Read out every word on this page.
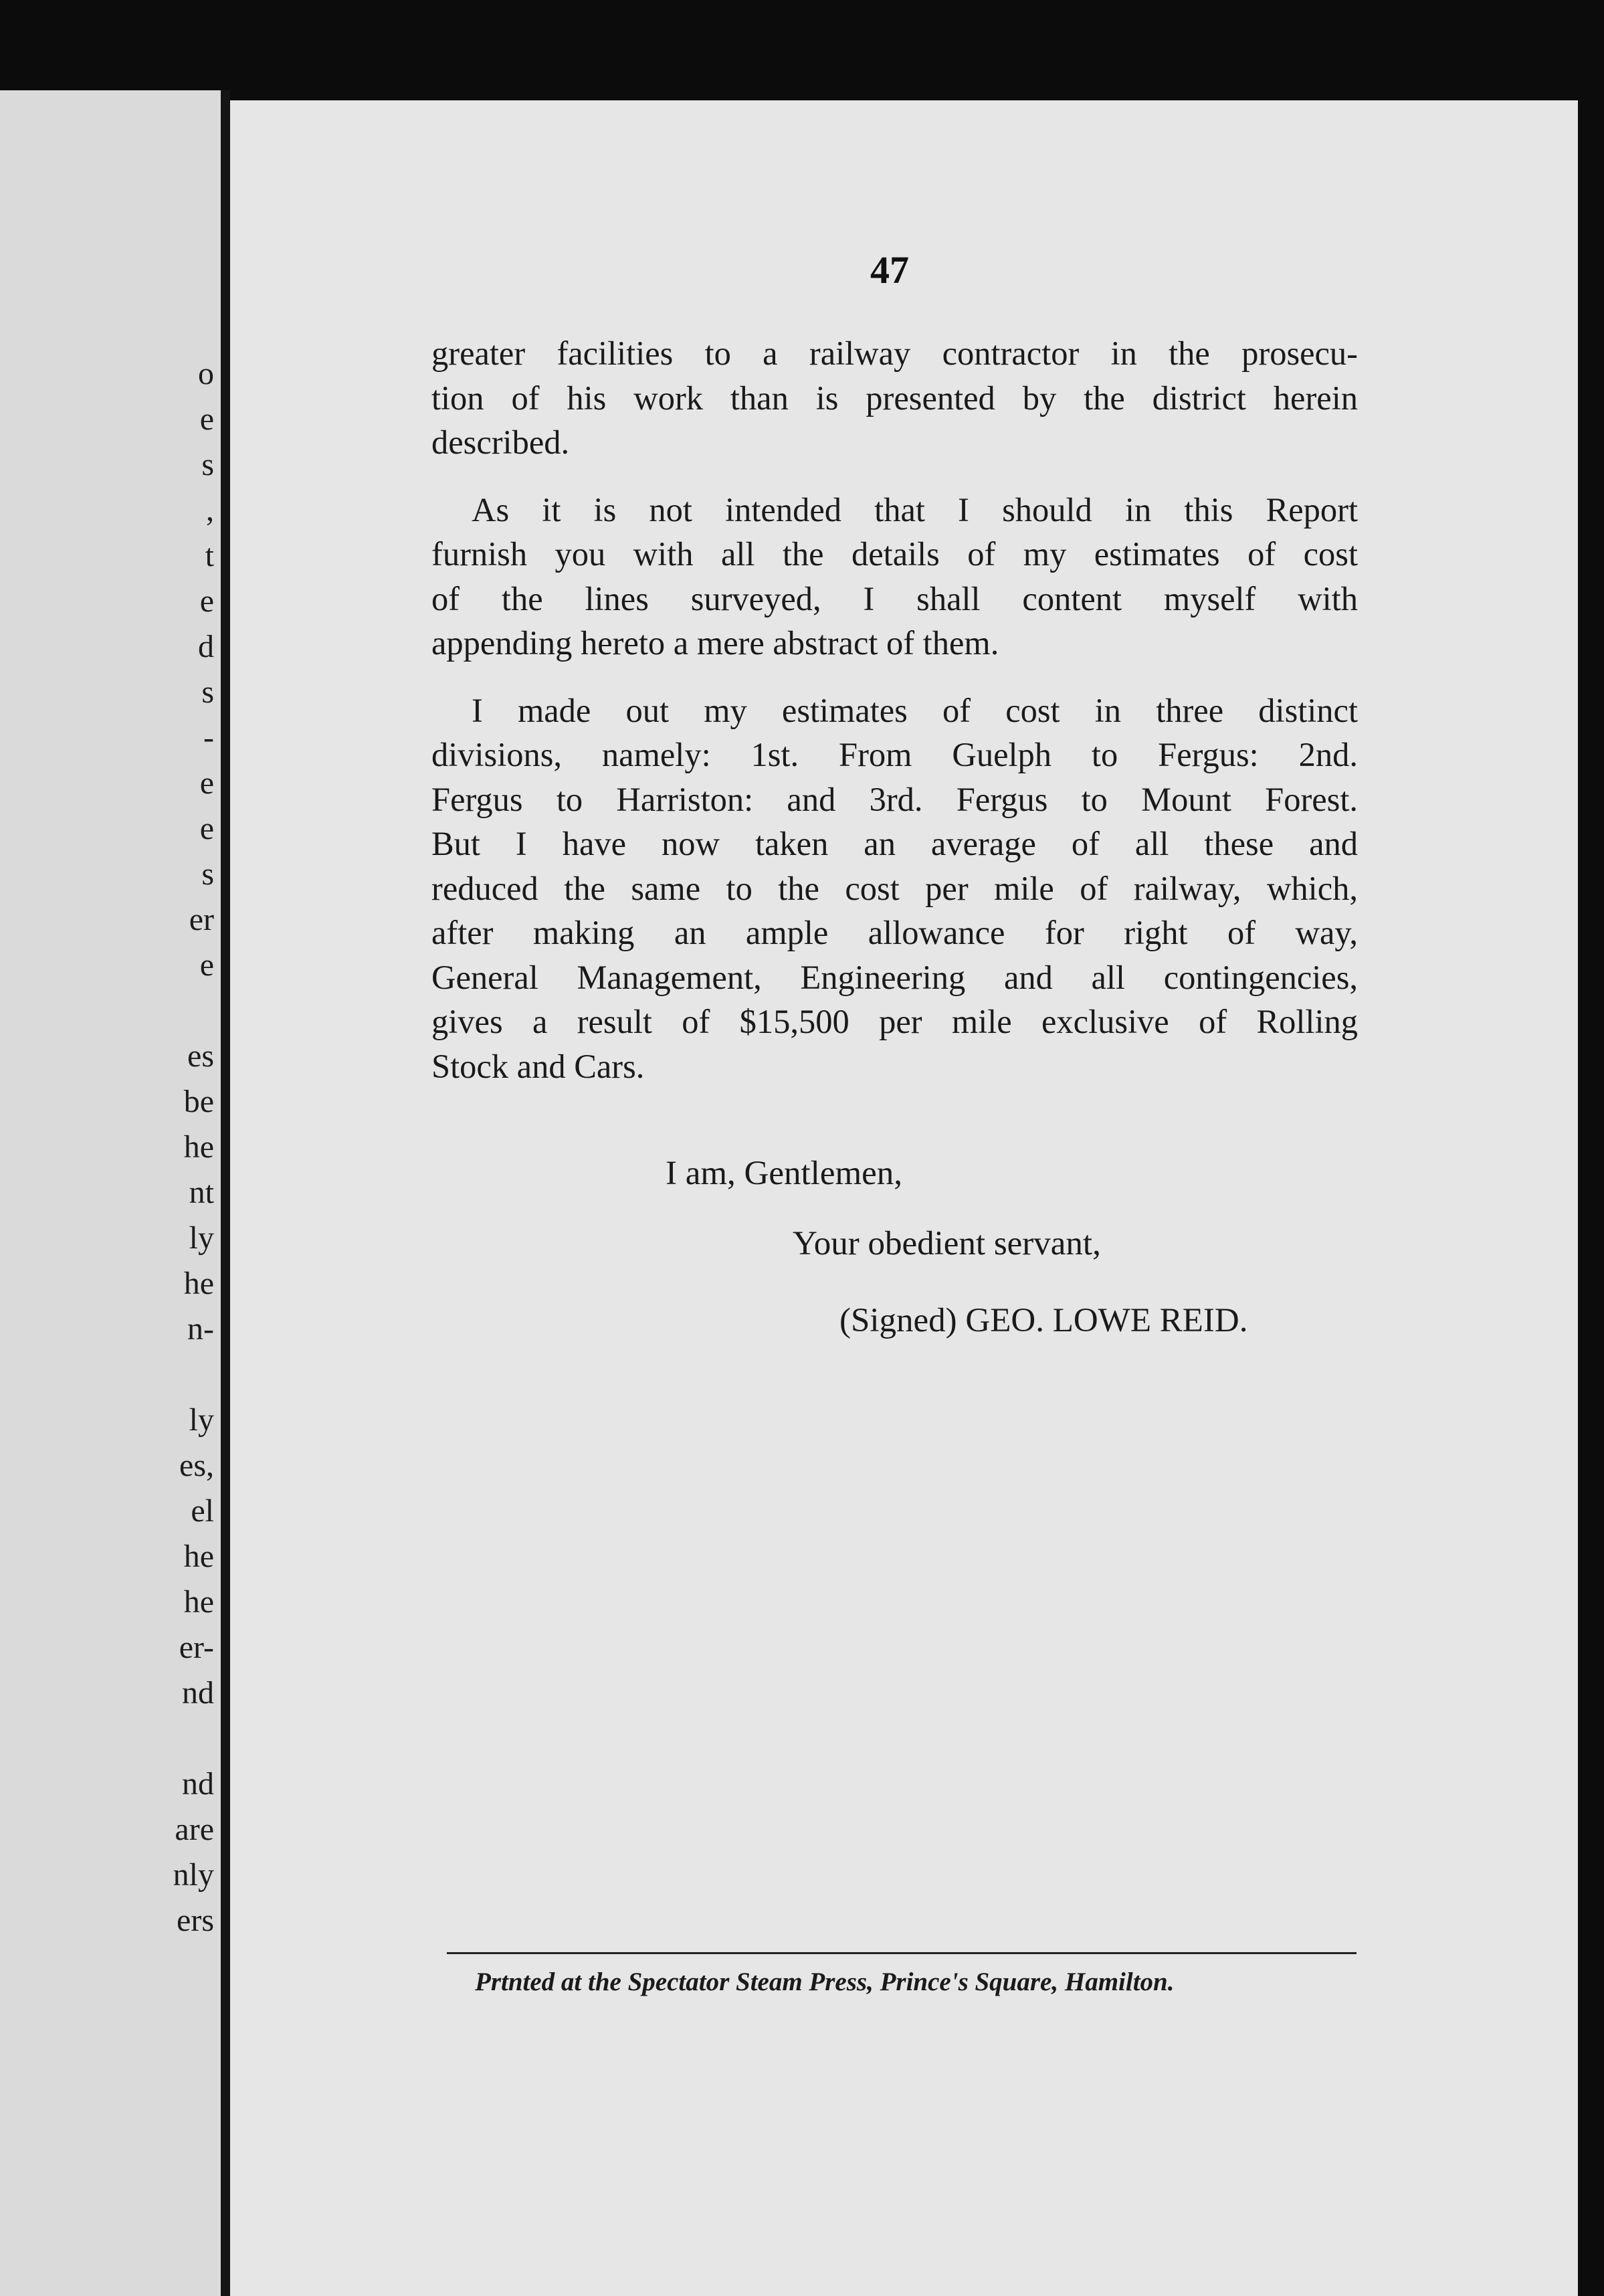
o
e
s
,
t
e
d
s
-
e
e
s
er
e
es
be
he
nt
ly
he
n-
ly
es,
el
he
he
er-
nd
nd
are
nly
ers
47
greater facilities to a railway contractor in the prosecu-
tion of his work than is presented by the district herein
described.
As it is not intended that I should in this Report
furnish you with all the details of my estimates of cost
of the lines surveyed, I shall content myself with
appending hereto a mere abstract of them.
I made out my estimates of cost in three distinct
divisions, namely: 1st. From Guelph to Fergus: 2nd.
Fergus to Harriston: and 3rd. Fergus to Mount Forest.
But I have now taken an average of all these and
reduced the same to the cost per mile of railway, which,
after making an ample allowance for right of way,
General Management, Engineering and all contingencies,
gives a result of $15,500 per mile exclusive of Rolling
Stock and Cars.
I am, Gentlemen,
Your obedient servant,
(Signed) GEO. LOWE REID.
Prtnted at the Spectator Steam Press, Prince's Square, Hamilton.
